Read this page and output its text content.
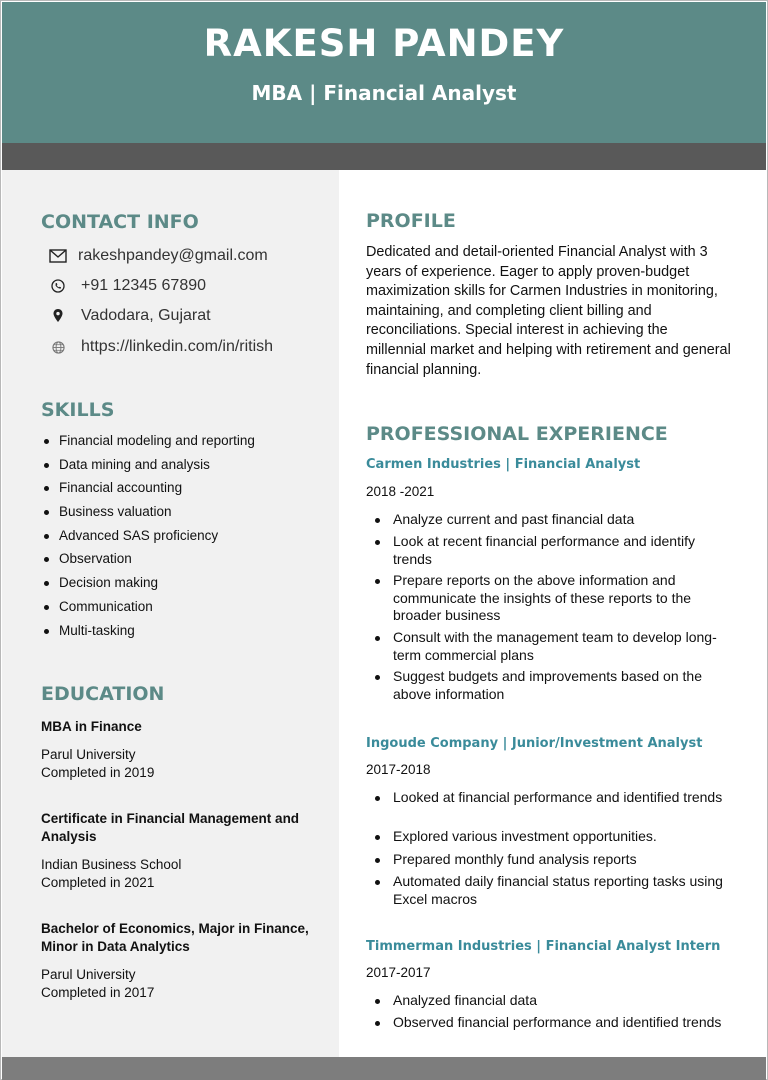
RAKESH PANDEY
MBA | Financial Analyst
CONTACT INFO
rakeshpandey@gmail.com
+91 12345 67890
Vadodara, Gujarat
https://linkedin.com/in/ritish
SKILLS
Financial modeling and reporting
Data mining and analysis
Financial accounting
Business valuation
Advanced SAS proficiency
Observation
Decision making
Communication
Multi-tasking
EDUCATION
MBA in Finance
Parul University
Completed in 2019
Certificate in Financial Management and Analysis
Indian Business School
Completed in 2021
Bachelor of Economics, Major in Finance, Minor in Data Analytics
Parul University
Completed in 2017
PROFILE
Dedicated and detail-oriented Financial Analyst with 3 years of experience. Eager to apply proven-budget maximization skills for Carmen Industries in monitoring, maintaining, and completing client billing and reconciliations. Special interest in achieving the millennial market and helping with retirement and general financial planning.
PROFESSIONAL EXPERIENCE
Carmen Industries | Financial Analyst
2018 -2021
Analyze current and past financial data
Look at recent financial performance and identify trends
Prepare reports on the above information and communicate the insights of these reports to the broader business
Consult with the management team to develop long-term commercial plans
Suggest budgets and improvements based on the above information
Ingoude Company | Junior/Investment Analyst
2017-2018
Looked at financial performance and identified trends
Explored various investment opportunities.
Prepared monthly fund analysis reports
Automated daily financial status reporting tasks using Excel macros
Timmerman Industries | Financial Analyst Intern
2017-2017
Analyzed financial data
Observed financial performance and identified trends
